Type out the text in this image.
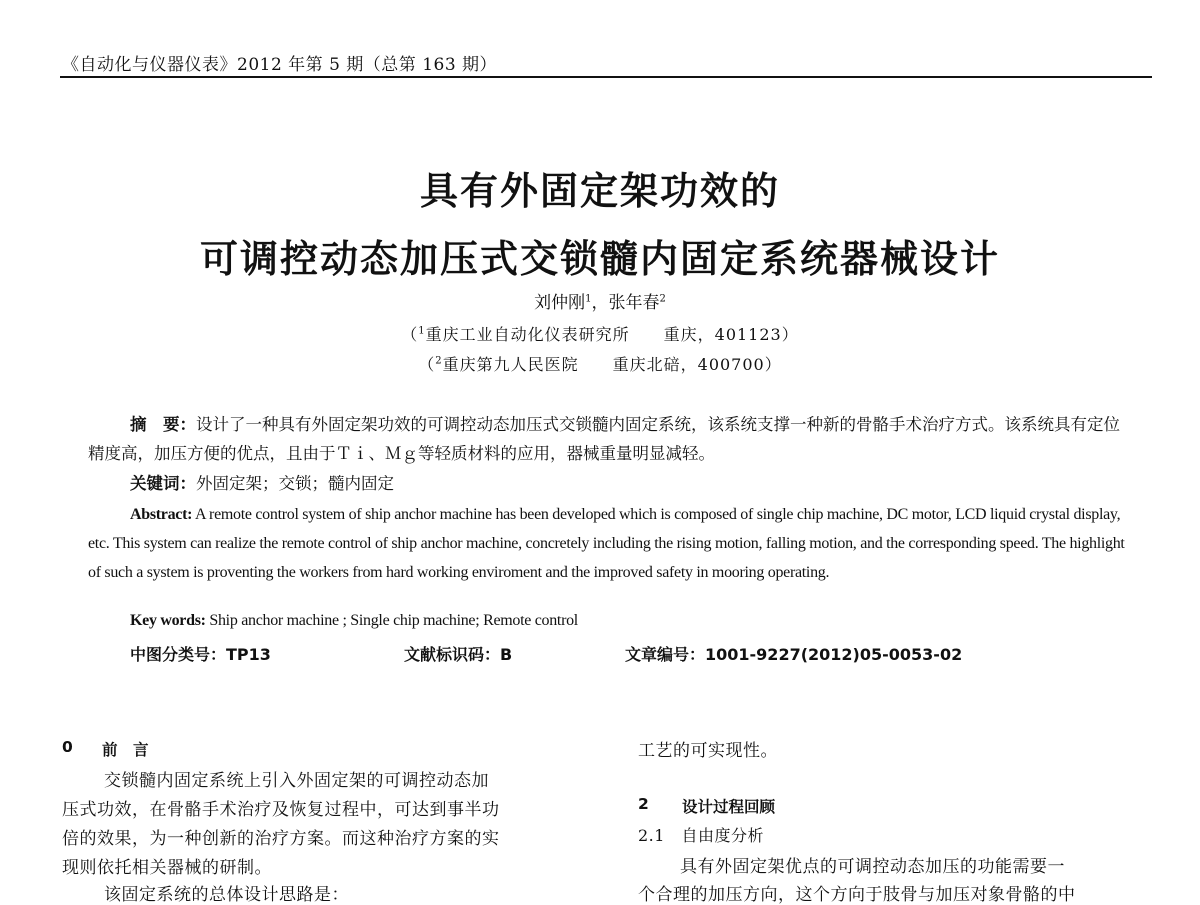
《自动化与仪器仪表》2012 年第 5 期（总第 163 期）
具有外固定架功效的
可调控动态加压式交锁髓内固定系统器械设计
刘仲刚$^1$，张年春$^2$
（$^1$重庆工业自动化仪表研究所　　重庆，401123）
（$^2$重庆第九人民医院　　重庆北碚，400700）
摘　要：设计了一种具有外固定架功效的可调控动态加压式交锁髓内固定系统，该系统支撑一种新的骨骼手术治疗方式。该系统具有定位精度高，加压方便的优点，且由于Ｔｉ、Ｍｇ等轻质材料的应用，器械重量明显减轻。
关键词：外固定架；交锁；髓内固定
Abstract: A remote control system of ship anchor machine has been developed which is composed of single chip machine, DC motor, LCD liquid crystal display, etc. This system can realize the remote control of ship anchor machine, concretely including the rising motion, falling motion, and the corresponding speed. The highlight of such a system is proventing the workers from hard working enviroment and the improved safety in mooring operating.
Key words: Ship anchor machine ; Single chip machine; Remote control
中图分类号：TP13	文献标识码：B	文章编号：1001-9227(2012)05-0053-02
0 前　言
交锁髓内固定系统上引入外固定架的可调控动态加
压式功效，在骨骼手术治疗及恢复过程中，可达到事半功
倍的效果，为一种创新的治疗方案。而这种治疗方案的实
现则依托相关器械的研制。
该固定系统的总体设计思路是：
工艺的可实现性。
2 设计过程回顾
2.1　自由度分析
具有外固定架优点的可调控动态加压的功能需要一
个合理的加压方向，这个方向于肢骨与加压对象骨骼的中
